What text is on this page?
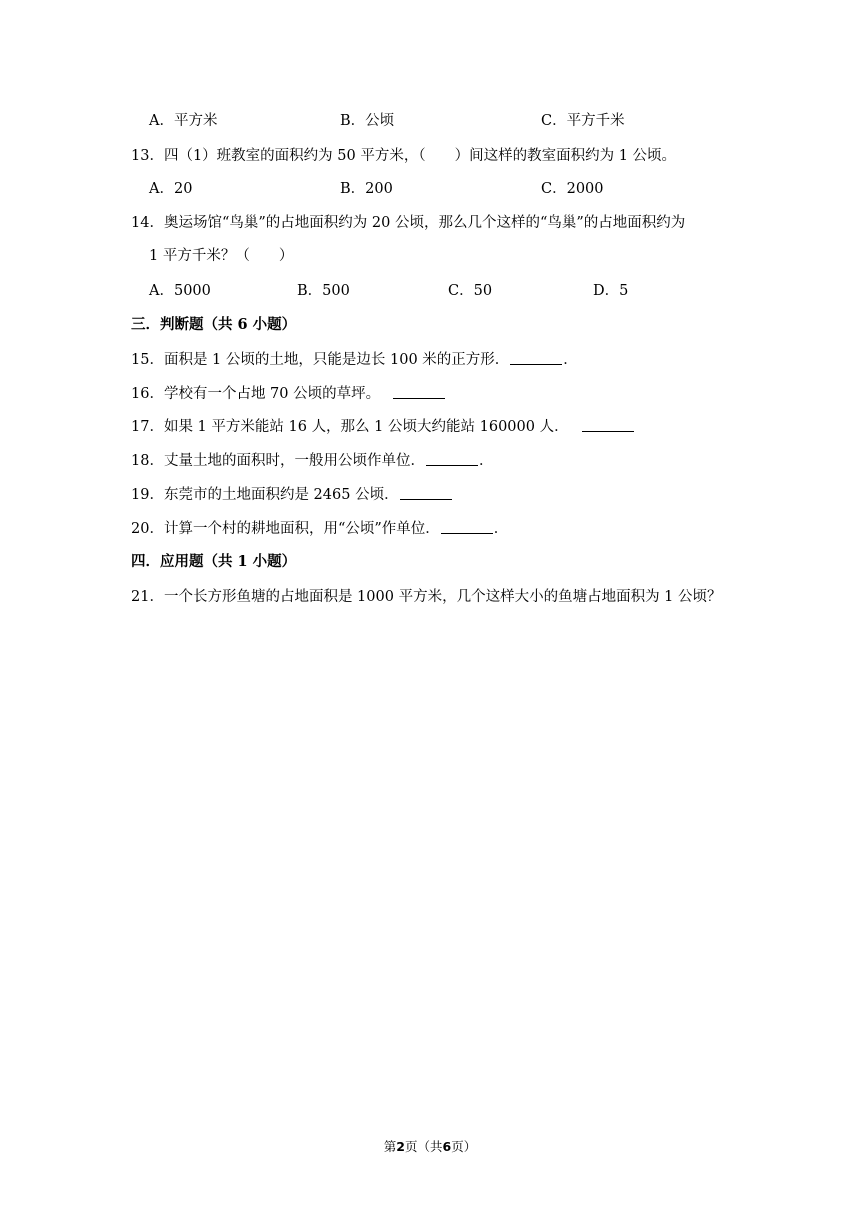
A．平方米	B．公顷	C．平方千米
13．四（1）班教室的面积约为 50 平方米，（　　）间这样的教室面积约为 1 公顷。
A．20	B．200	C．2000
14．奥运场馆“鸟巢”的占地面积约为 20 公顷，那么几个这样的“鸟巢”的占地面积约为
1 平方千米？（　　）
A．5000	B．500	C．50	D．5
三．判断题（共 6 小题）
15．面积是 1 公顷的土地，只能是边长 100 米的正方形．	．
16．学校有一个占地 70 公顷的草坪。
17．如果 1 平方米能站 16 人，那么 1 公顷大约能站 160000 人．
18．丈量土地的面积时，一般用公顷作单位．	．
19．东莞市的土地面积约是 2465 公顷．
20．计算一个村的耕地面积，用“公顷”作单位．	．
四．应用题（共 1 小题）
21．一个长方形鱼塘的占地面积是 1000 平方米，几个这样大小的鱼塘占地面积为 1 公顷？
第2页（共6页）
